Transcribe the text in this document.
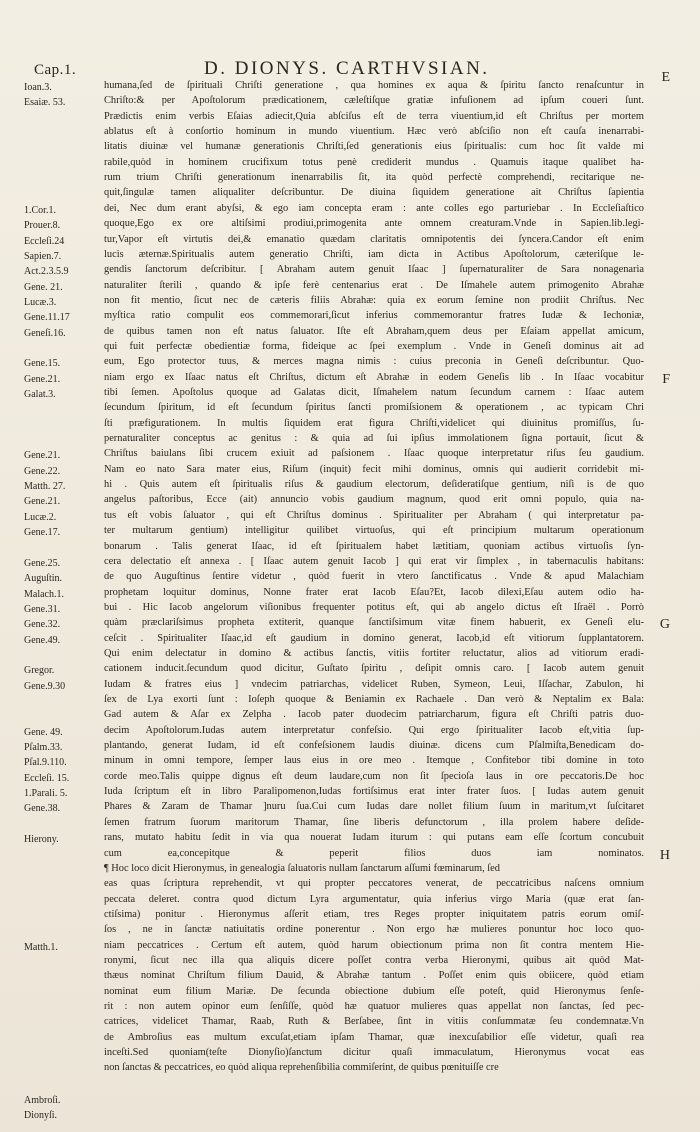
Cap.1.	D. DIONYS. CARTHVSIAN.	E
Ioan.3.
Esaiæ. 53.
1.Cor.1.
Prouer.8.
Eccleſi.24
Sapien.7.
Act.2.3.5.9
Gene. 21.
Lucæ.3.
Gene.11.17
Geneſi.16.
Gene.15.
Gene.21.
Galat.3.
Gene.21.
Gene.22.
Matth. 27.
Gene.21.
Lucæ.2.
Gene.17.
Gene.25.
Auguſtin.
Malach.1.
Gene.31.
Gene.32.
Gene.49.
Gregor.
Gene.9.30
Gene. 49.
Pſalm.33.
Pſal.9.110.
Eccleſi. 15.
1.Parali. 5.
Gene.38.
Hierony.
Matth.1.
Ambroſi.
Dionyſi.
F
G
H
humana,ſed de ſpirituali Chriſti generatione , qua homines ex aqua & ſpiritu ſancto renaſcuntur in
Chriſto:& per Apoſtolorum prædicationem, cæleſtiſque gratiæ infuſionem ad ipſum coueri ſunt.
Prædictis enim verbis Eſaias adiecit,Quia abſciſus eſt de terra viuentium,id eſt Chriſtus per mortem
ablatus eſt à conſortio hominum in mundo viuentium. Hæc verò abſciſio non eſt cauſa inenarrabi-
litatis diuinæ vel humanæ generationis Chriſti,ſed generationis eius ſpiritualis: cum hoc ſit valde mi
rabile,quòd in hominem crucifixum totus penè crediderit mundus . Quamuis itaque qualibet ha-
rum trium Chriſti generationum inenarrabilis ſit, ita quòd perfectè comprehendi, recitarique ne-
quit,ſingulæ tamen aliqualiter deſcribuntur. De diuina ſiquidem generatione ait Chriſtus ſapientia
dei, Nec dum erant abyſsi, & ego iam concepta eram : ante colles ego parturiebar . In Eccleſiaſtico
quoque,Ego ex ore altiſsimi prodiui,primogenita ante omnem creaturam.Vnde in Sapien.lib.legi-
tur,Vapor eſt virtutis dei,& emanatio quædam claritatis omnipotentis dei ſyncera.Candor eſt enim
lucis æternæ.Spiritualis autem generatio Chriſti, iam dicta in Actibus Apoſtolorum, cæteriſque le-
gendis ſanctorum deſcribitur. [ Abraham autem genuit Iſaac ] ſupernaturaliter de Sara nonagenaria
naturaliter ſterili , quando & ipſe ferè centenarius erat . De Iſmahele autem primogenito Abrahæ
non fit mentio, ſicut nec de cæteris filiis Abrahæ: quia ex eorum ſemine non prodiit Chriſtus. Nec
myſtica ratio compulit eos commemorari,ſicut inferius commemorantur fratres Iudæ & Iechoniæ,
de quibus tamen non eſt natus ſaluator. Iſte eſt Abraham,quem deus per Eſaiam appellat amicum,
qui fuit perfectæ obedientiæ forma, fideique ac ſpei exemplum . Vnde in Geneſi dominus ait ad
eum, Ego protector tuus, & merces magna nimis : cuius preconia in Geneſi deſcribuntur. Quo-
niam ergo ex Iſaac natus eſt Chriſtus, dictum eſt Abrahæ in eodem Geneſis lib . In Iſaac vocabitur
tibi ſemen. Apoſtolus quoque ad Galatas dicit, Iſmahelem natum ſecundum carnem : Iſaac autem
ſecundum ſpiritum, id eſt ſecundum ſpiritus ſancti promiſsionem & operationem , ac typicam Chri
ſti præfigurationem. In multis ſiquidem erat figura Chriſti,videlicet qui diuinitus promiſſus, ſu-
pernaturaliter conceptus ac genitus : & quia ad ſui ipſius immolationem ſigna portauit, ſicut &
Chriſtus baiulans ſibi crucem exiuit ad paſsionem . Iſaac quoque interpretatur riſus ſeu gaudium.
Nam eo nato Sara mater eius, Riſum (inquit) fecit mihi dominus, omnis qui audierit corridebit mi-
hi . Quis autem eſt ſpiritualis riſus & gaudium electorum, deſideratiſque gentium, niſi is de quo
angelus paſtoribus, Ecce (ait) annuncio vobis gaudium magnum, quod erit omni populo, quia na-
tus eſt vobis ſaluator , qui eſt Chriſtus dominus . Spiritualiter per Abraham ( qui interpretatur pa-
ter multarum gentium) intelligitur quilibet virtuoſus, qui eſt principium multarum operationum
bonarum . Talis generat Iſaac, id eſt ſpiritualem habet lætitiam, quoniam actibus virtuoſis ſyn-
cera delectatio eſt annexa . [ Iſaac autem genuit Iacob ] qui erat vir ſimplex , in tabernaculis habitans:
de quo Auguſtinus ſentire videtur , quòd fuerit in vtero ſanctificatus . Vnde & apud Malachiam
prophetam loquitur dominus, Nonne frater erat Iacob Eſau?Et, Iacob dilexi,Eſau autem odio ha-
bui . Hic Iacob angelorum viſionibus frequenter potitus eſt, qui ab angelo dictus eſt Iſraël . Porrò
quàm præclariſsimus propheta extiterit, quanque ſanctiſsimum vitæ finem habuerit, ex Geneſi elu-
ceſcit . Spiritualiter Iſaac,id eſt gaudium in domino generat, Iacob,id eſt vitiorum ſupplantatorem.
Qui enim delectatur in domino & actibus ſanctis, vitiis fortiter reluctatur, alios ad vitiorum eradi-
cationem inducit.ſecundum quod dicitur, Guſtato ſpiritu , deſipit omnis caro. [ Iacob autem genuit
Iudam & fratres eius ] vndecim patriarchas, videlicet Ruben, Symeon, Leui, Iſſachar, Zabulon, hi
ſex de Lya exorti ſunt : Ioſeph quoque & Beniamin ex Rachaele . Dan verò & Neptalim ex Bala:
Gad autem & Aſar ex Zelpha . Iacob pater duodecim patriarcharum, figura eſt Chriſti patris duo-
decim Apoſtolorum.Iudas autem interpretatur confeſsio. Qui ergo ſpiritualiter Iacob eſt,vitia ſup-
plantando, generat Iudam, id eſt confeſsionem laudis diuinæ. dicens cum Pſalmiſta,Benedicam do-
minum in omni tempore, ſemper laus eius in ore meo . Itemque , Confitebor tibi domine in toto
corde meo.Talis quippe dignus eſt deum laudare,cum non ſit ſpecioſa laus in ore peccatoris.De hoc
Iuda ſcriptum eſt in libro Paralipomenon,Iudas fortiſsimus erat inter frater ſuos. [ Iudas autem genuit
Phares & Zaram de Thamar ]nuru ſua.Cui cum Iudas dare nollet filium ſuum in maritum,vt ſuſcitaret
ſemen fratrum ſuorum maritorum Thamar, ſine liberis defunctorum , illa prolem habere deſide-
rans, mutato habitu ſedit in via qua nouerat Iudam iturum : qui putans eam eſſe ſcortum concubuit
cum ea,concepitque & peperit filios duos iam nominatos.
¶ Hoc loco dicit Hieronymus, in genealogia ſaluatoris nullam ſanctarum aſſumi fœminarum, ſed
eas quas ſcriptura reprehendit, vt qui propter peccatores venerat, de peccatricibus naſcens omnium
peccata deleret. contra quod dictum Lyra argumentatur, quia inferius virgo Maria (quæ erat ſan-
ctiſsima) ponitur . Hieronymus aſſerit etiam, tres Reges propter iniquitatem patris eorum omiſ-
ſos , ne in ſanctæ natiuitatis ordine ponerentur . Non ergo hæ mulieres ponuntur hoc loco quo-
niam peccatrices . Certum eſt autem, quòd harum obiectionum prima non ſit contra mentem Hie-
ronymi, ſicut nec illa qua aliquis dicere poſſet contra verba Hieronymi, quibus ait quòd Mat-
thæus nominat Chriſtum filium Dauid, & Abrahæ tantum . Poſſet enim quis obiicere, quòd etiam
nominat eum filium Mariæ. De ſecunda obiectione dubium eſſe poteſt, quid Hieronymus ſenſe-
rit : non autem opinor eum ſenſiſſe, quòd hæ quatuor mulieres quas appellat non ſanctas, ſed pec-
catrices, videlicet Thamar, Raab, Ruth & Berſabee, ſint in vitiis conſummatæ ſeu condemnatæ.Vn
de Ambroſius eas multum excuſat,etiam ipſam Thamar, quæ inexcuſabilior eſſe videtur, quaſi rea
inceſti.Sed quoniam(teſte Dionyſio)ſanctum dicitur quaſi immaculatum, Hieronymus vocat eas
non ſanctas & peccatrices, eo quòd aliqua reprehenſibilia commiſerint, de quibus pœnituiſſe cre
